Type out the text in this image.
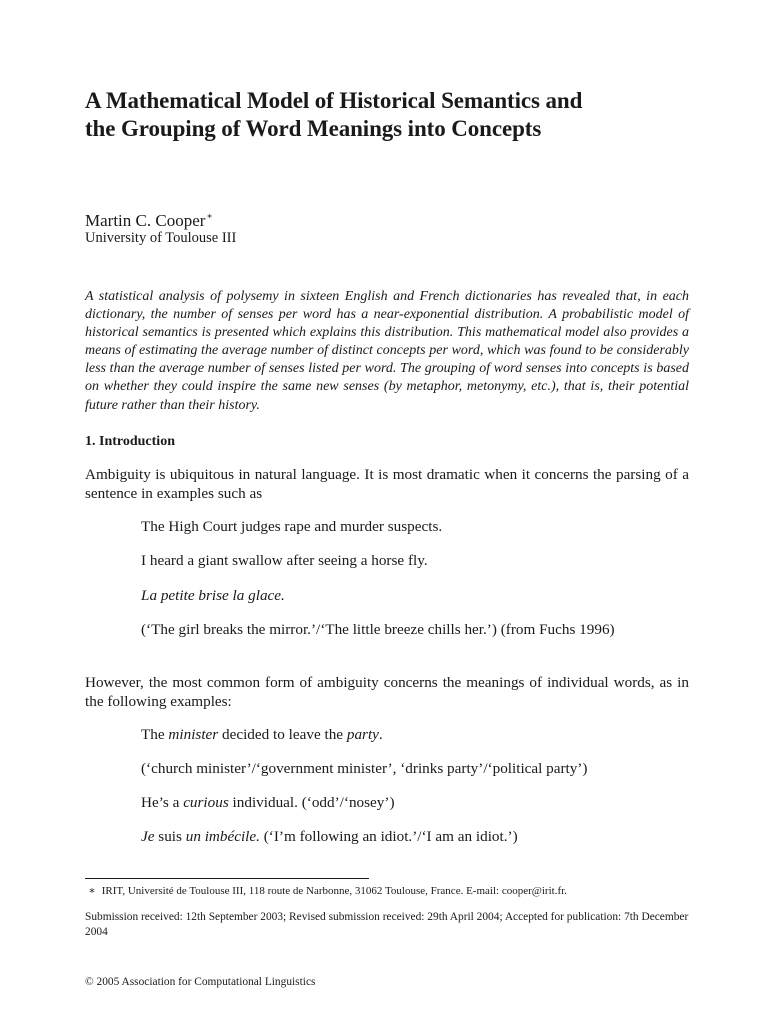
A Mathematical Model of Historical Semantics and the Grouping of Word Meanings into Concepts
Martin C. Cooper∗
University of Toulouse III
A statistical analysis of polysemy in sixteen English and French dictionaries has revealed that, in each dictionary, the number of senses per word has a near-exponential distribution. A probabilistic model of historical semantics is presented which explains this distribution. This mathematical model also provides a means of estimating the average number of distinct concepts per word, which was found to be considerably less than the average number of senses listed per word. The grouping of word senses into concepts is based on whether they could inspire the same new senses (by metaphor, metonymy, etc.), that is, their potential future rather than their history.
1. Introduction
Ambiguity is ubiquitous in natural language. It is most dramatic when it concerns the parsing of a sentence in examples such as
The High Court judges rape and murder suspects.
I heard a giant swallow after seeing a horse fly.
La petite brise la glace.
(‘The girl breaks the mirror.’/‘The little breeze chills her.’) (from Fuchs 1996)
However, the most common form of ambiguity concerns the meanings of individual words, as in the following examples:
The minister decided to leave the party.
(‘church minister’/‘government minister’, ‘drinks party’/‘political party’)
He’s a curious individual. (‘odd’/‘nosey’)
Je suis un imbécile. (‘I’m following an idiot.’/‘I am an idiot.’)
∗ IRIT, Université de Toulouse III, 118 route de Narbonne, 31062 Toulouse, France. E-mail: cooper@irit.fr.
Submission received: 12th September 2003; Revised submission received: 29th April 2004; Accepted for publication: 7th December 2004
© 2005 Association for Computational Linguistics
